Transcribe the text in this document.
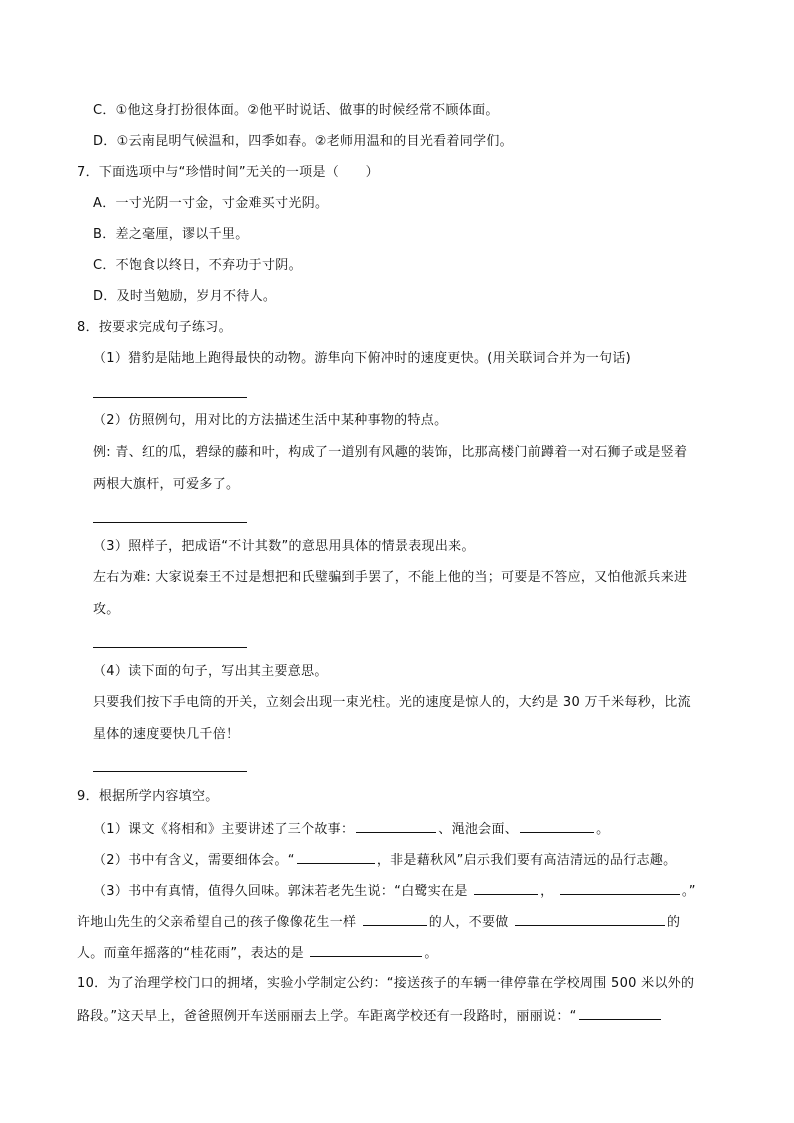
C．①他这身打扮很体面。②他平时说话、做事的时候经常不顾体面。
D．①云南昆明气候温和，四季如春。②老师用温和的目光看着同学们。
7．下面选项中与“珍惜时间”无关的一项是（　　）
A．一寸光阴一寸金，寸金难买寸光阴。
B．差之毫厘，谬以千里。
C．不饱食以终日，不弃功于寸阴。
D．及时当勉励，岁月不待人。
8．按要求完成句子练习。
（1）猎豹是陆地上跑得最快的动物。游隼向下俯冲时的速度更快。(用关联词合并为一句话)
（2）仿照例句，用对比的方法描述生活中某种事物的特点。
例: 青、红的瓜，碧绿的藤和叶，构成了一道别有风趣的装饰，比那高楼门前蹲着一对石狮子或是竖着
两根大旗杆，可爱多了。
（3）照样子，把成语“不计其数”的意思用具体的情景表现出来。
左右为难: 大家说秦王不过是想把和氏璧骗到手罢了，不能上他的当；可要是不答应，又怕他派兵来进
攻。
（4）读下面的句子，写出其主要意思。
只要我们按下手电筒的开关，立刻会出现一束光柱。光的速度是惊人的，大约是 30 万千米每秒，比流
星体的速度要快几千倍！
9．根据所学内容填空。
（1）课文《将相和》主要讲述了三个故事：	、渑池会面、	。
（2）书中有含义，需要细体会。“	，非是藉秋风”启示我们要有高洁清远的品行志趣。
（3）书中有真情，值得久回味。郭沫若老先生说：“白鹭实在是	，	。”
许地山先生的父亲希望自己的孩子像像花生一样	的人，不要做	的
人。而童年摇落的“桂花雨”，表达的是	。
10．为了治理学校门口的拥堵，实验小学制定公约：“接送孩子的车辆一律停靠在学校周围 500 米以外的
路段。”这天早上，爸爸照例开车送丽丽去上学。车距离学校还有一段路时，丽丽说：“
